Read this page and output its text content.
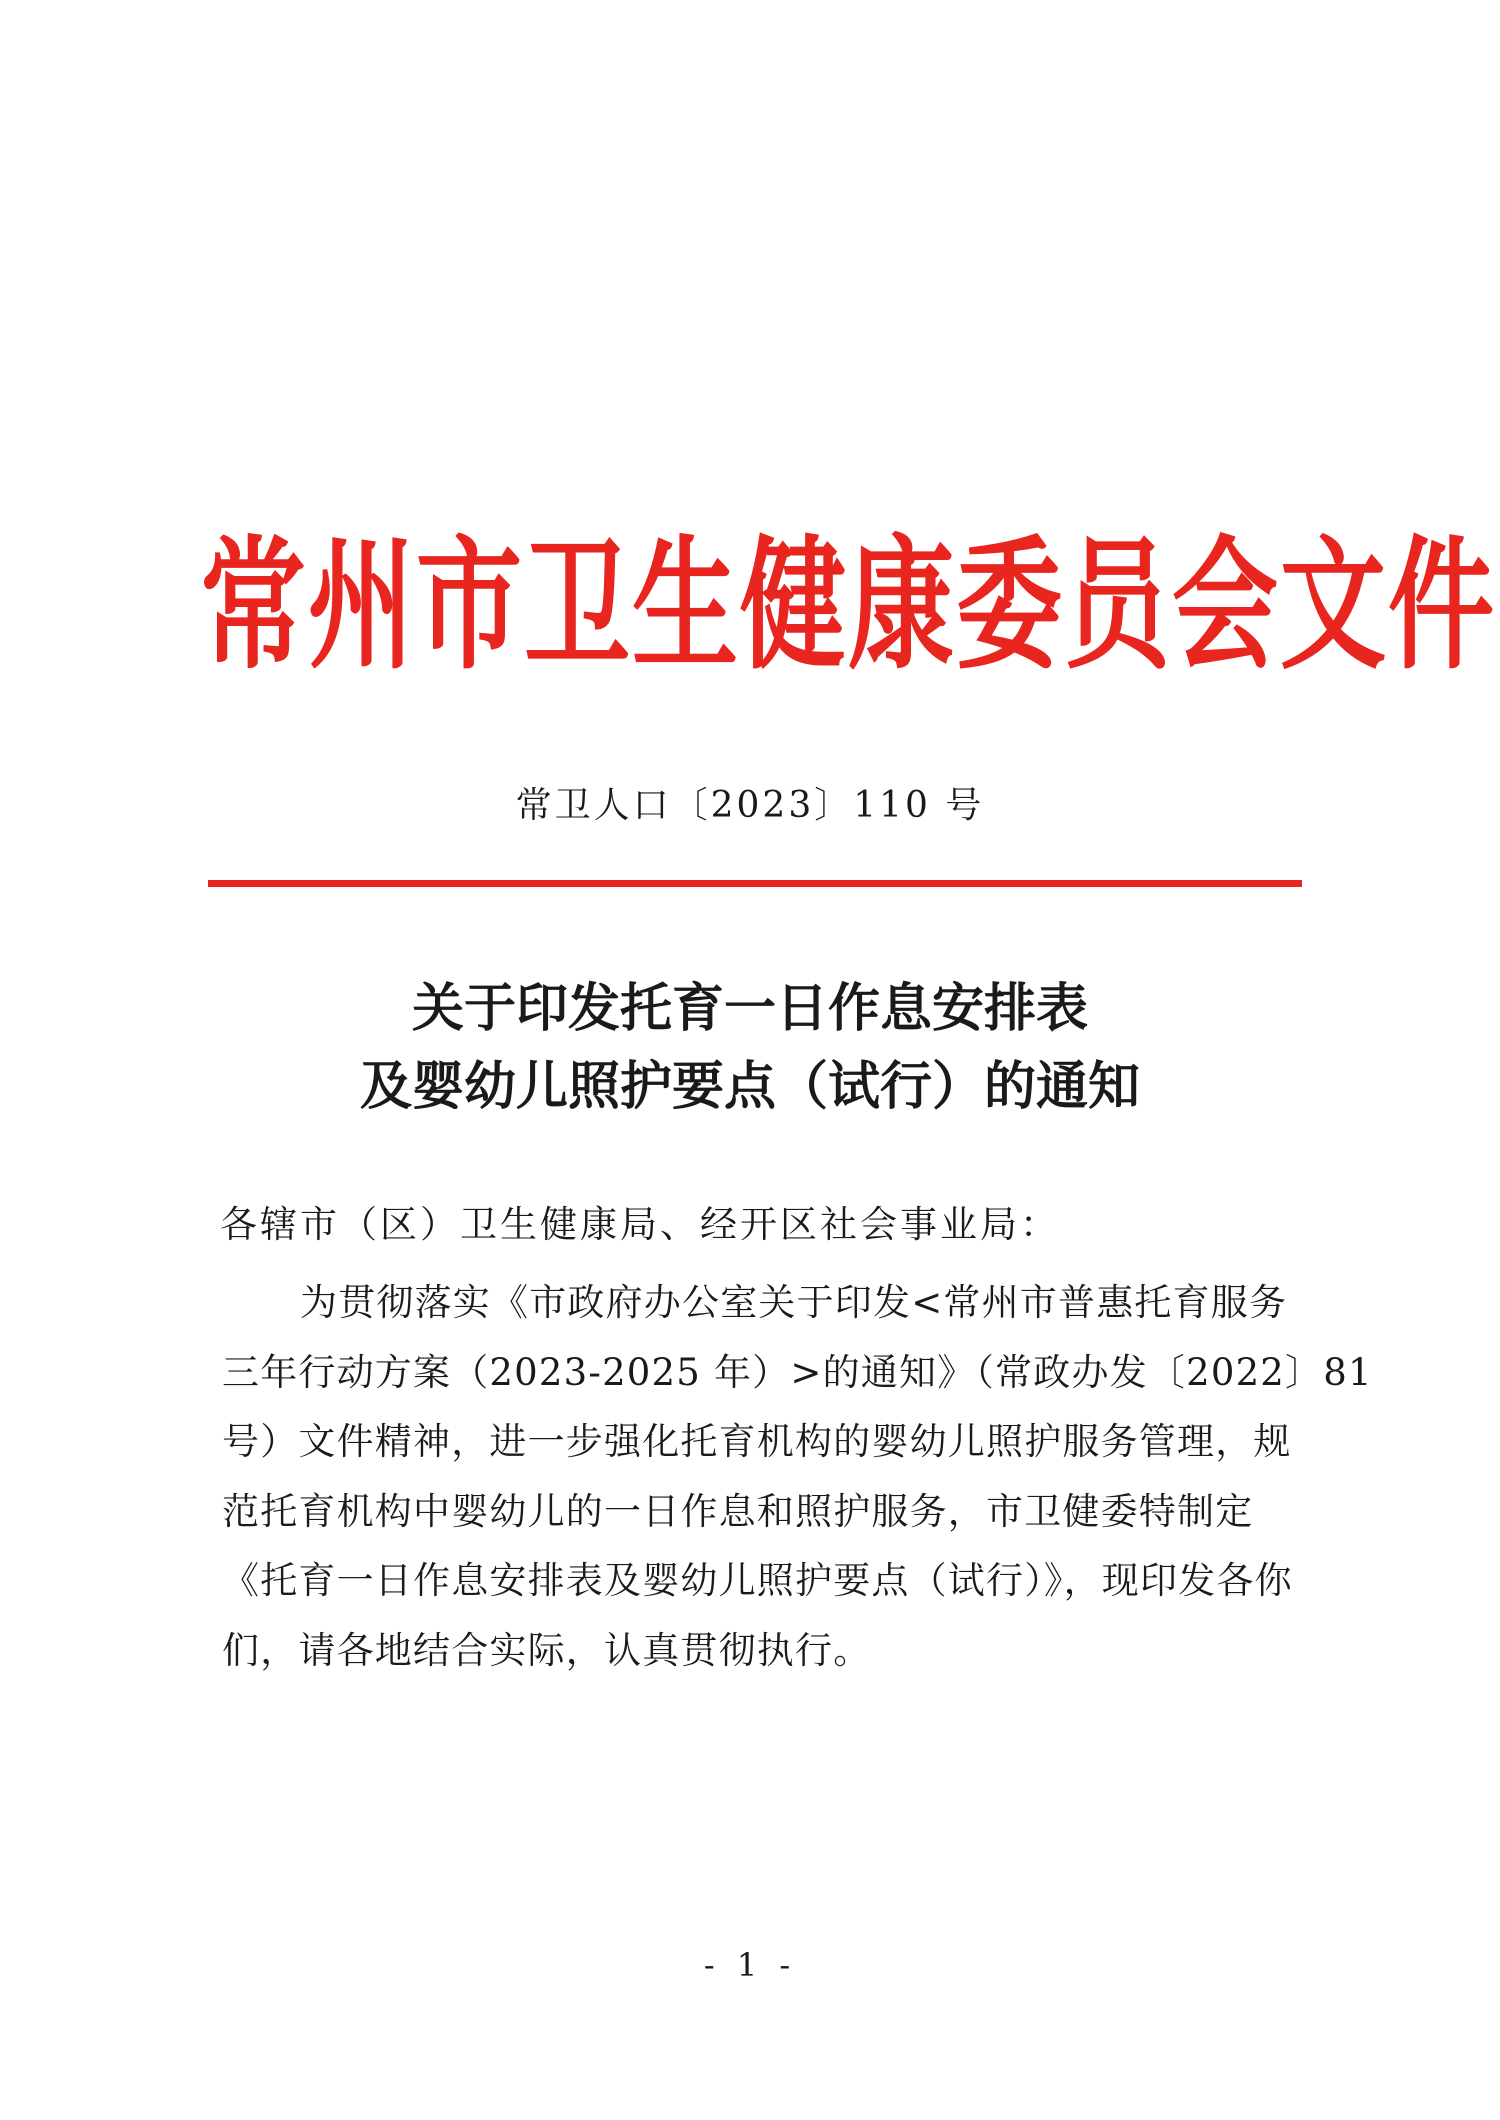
常州市卫生健康委员会文件
常卫人口〔2023〕110 号
关于印发托育一日作息安排表
及婴幼儿照护要点（试行）的通知
各辖市（区）卫生健康局、经开区社会事业局：
为贯彻落实《市政府办公室关于印发<常州市普惠托育服务
三年行动方案（2023-2025 年）>的通知》（常政办发〔2022〕81
号）文件精神，进一步强化托育机构的婴幼儿照护服务管理，规
范托育机构中婴幼儿的一日作息和照护服务，市卫健委特制定
《托育一日作息安排表及婴幼儿照护要点（试行）》，现印发各你
们，请各地结合实际，认真贯彻执行。
- 1 -
